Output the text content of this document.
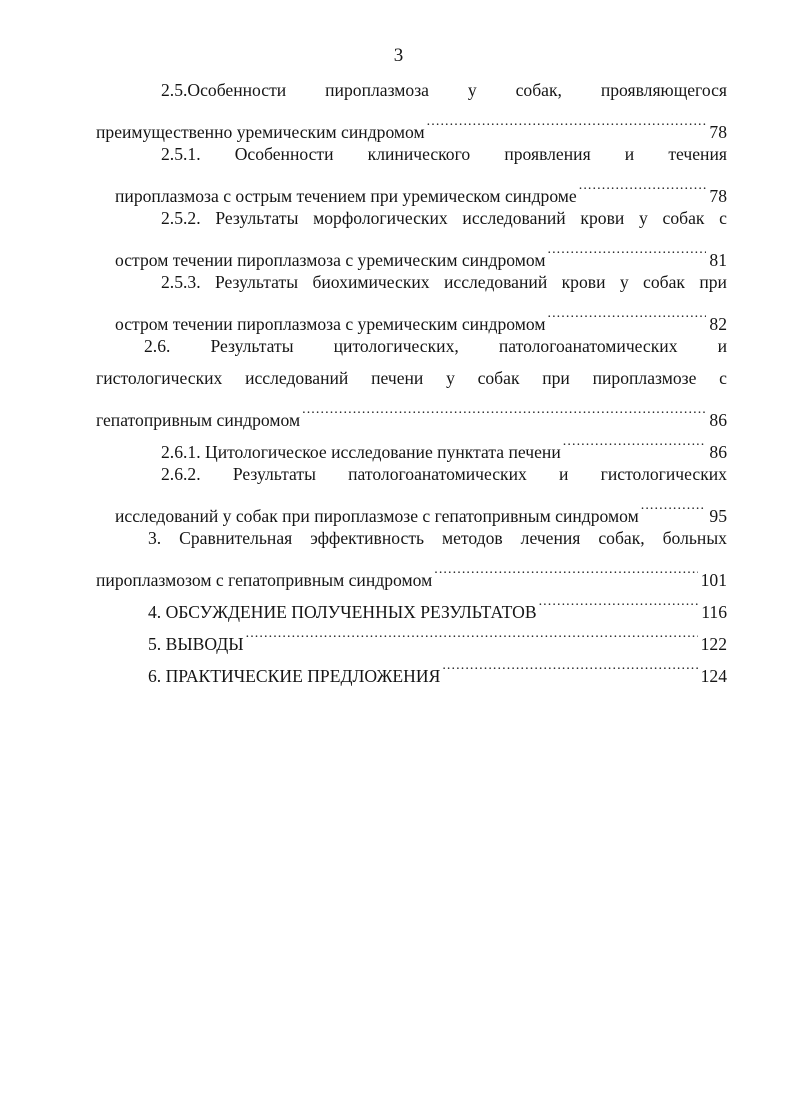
3
2.5.Особенности пироплазмоза у собак, проявляющегося
преимущественно уремическим синдромом .....	78
2.5.1. Особенности клинического проявления и течения
пироплазмоза с острым течением при уремическом синдроме .....	78
2.5.2. Результаты морфологических исследований крови у собак с
остром течении пироплазмоза с уремическим синдромом .....	81
2.5.3. Результаты биохимических исследований крови у собак при
остром течении пироплазмоза с уремическим синдромом .....	82
2.6. Результаты цитологических, патологоанатомических и
гистологических исследований печени у собак при пироплазмозе с
гепатопривным синдромом .....	86
2.6.1. Цитологическое исследование пунктата печени .....	86
2.6.2. Результаты патологоанатомических и гистологических
исследований у собак при пироплазмозе с гепатопривным синдромом .....	95
3. Сравнительная эффективность методов лечения собак, больных
пироплазмозом с гепатопривным синдромом .....	101
4. ОБСУЖДЕНИЕ ПОЛУЧЕННЫХ РЕЗУЛЬТАТОВ .....	116
5. ВЫВОДЫ .....	122
6. ПРАКТИЧЕСКИЕ ПРЕДЛОЖЕНИЯ .....	124
